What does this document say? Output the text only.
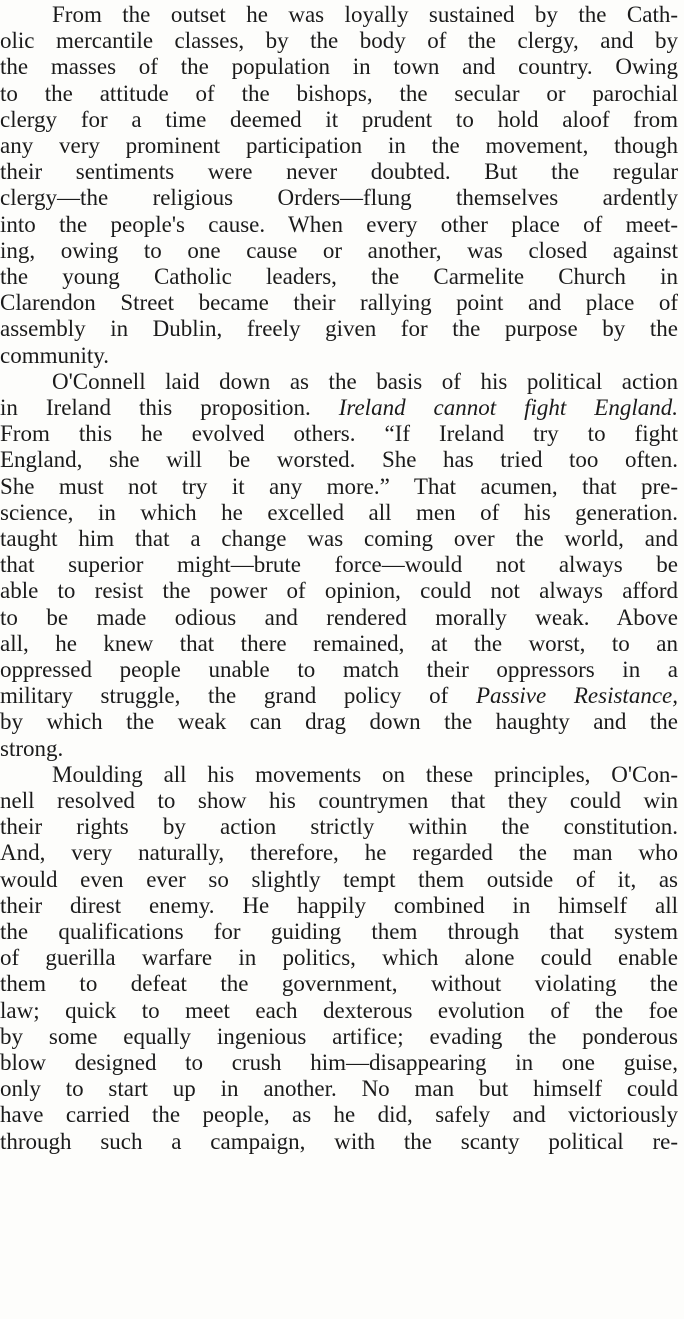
From the outset he was loyally sustained by the Cath-
olic mercantile classes, by the body of the clergy, and by
the masses of the population in town and country. Owing
to the attitude of the bishops, the secular or parochial
clergy for a time deemed it prudent to hold aloof from
any very prominent participation in the movement, though
their sentiments were never doubted. But the regular
clergy—the religious Orders—flung themselves ardently
into the people's cause. When every other place of meet-
ing, owing to one cause or another, was closed against
the young Catholic leaders, the Carmelite Church in
Clarendon Street became their rallying point and place of
assembly in Dublin, freely given for the purpose by the
community.
O'Connell laid down as the basis of his political action
in Ireland this proposition. Ireland cannot fight England.
From this he evolved others. “If Ireland try to fight
England, she will be worsted. She has tried too often.
She must not try it any more.” That acumen, that pre-
science, in which he excelled all men of his generation.
taught him that a change was coming over the world, and
that superior might—brute force—would not always be
able to resist the power of opinion, could not always afford
to be made odious and rendered morally weak. Above
all, he knew that there remained, at the worst, to an
oppressed people unable to match their oppressors in a
military struggle, the grand policy of Passive Resistance,
by which the weak can drag down the haughty and the
strong.
Moulding all his movements on these principles, O'Con-
nell resolved to show his countrymen that they could win
their rights by action strictly within the constitution.
And, very naturally, therefore, he regarded the man who
would even ever so slightly tempt them outside of it, as
their direst enemy. He happily combined in himself all
the qualifications for guiding them through that system
of guerilla warfare in politics, which alone could enable
them to defeat the government, without violating the
law; quick to meet each dexterous evolution of the foe
by some equally ingenious artifice; evading the ponderous
blow designed to crush him—disappearing in one guise,
only to start up in another. No man but himself could
have carried the people, as he did, safely and victoriously
through such a campaign, with the scanty political re-
